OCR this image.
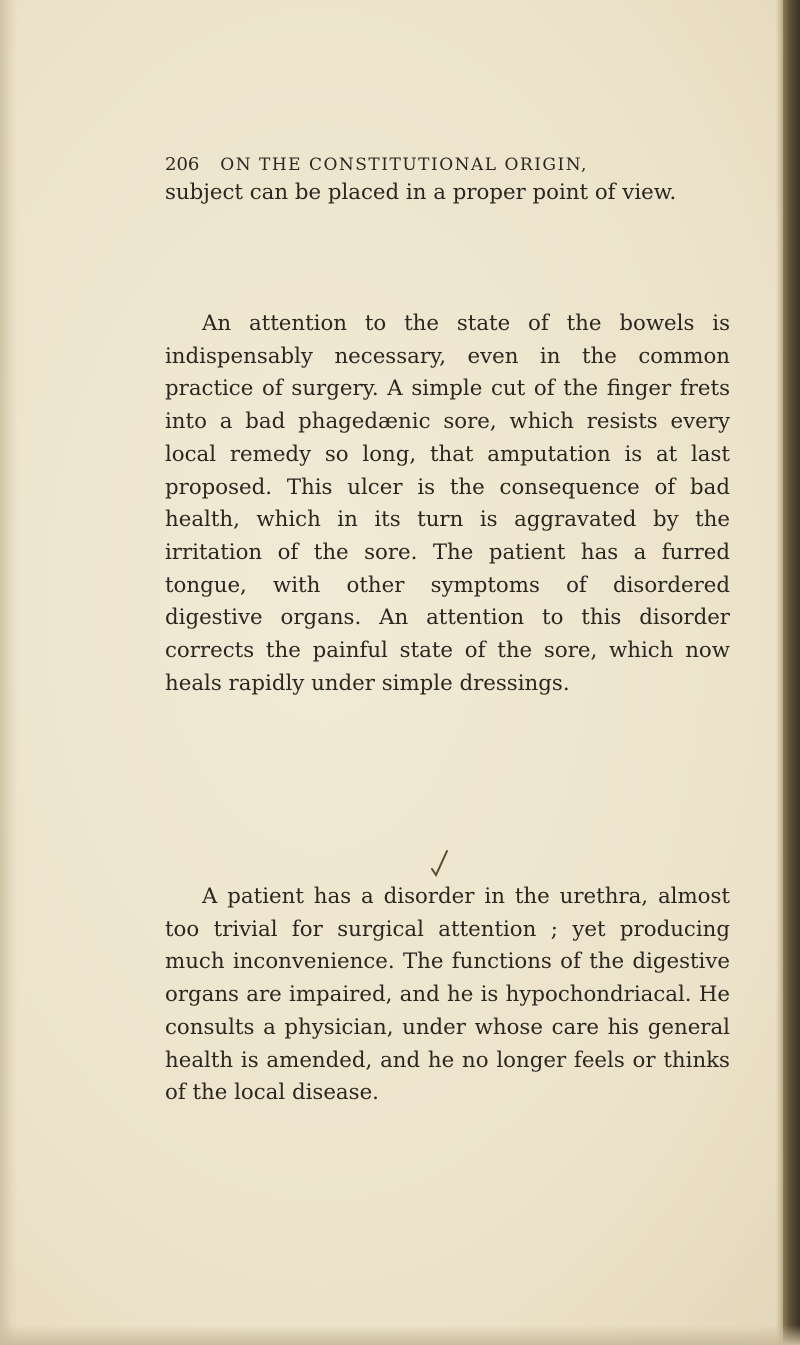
206 ON THE CONSTITUTIONAL ORIGIN,

subject can be placed in a proper point of view.

An attention to the state of the bowels is indispensably necessary, even in the common practice of surgery. A simple cut of the finger frets into a bad phagedænic sore, which resists every local remedy so long, that amputation is at last proposed. This ulcer is the consequence of bad health, which in its turn is aggravated by the irritation of the sore. The patient has a furred tongue, with other symptoms of disordered digestive organs. An attention to this disorder corrects the painful state of the sore, which now heals rapidly under simple dressings.

A patient has a disorder in the urethra, almost too trivial for surgical attention ; yet producing much inconvenience. The functions of the digestive organs are impaired, and he is hypochondriacal. He consults a physician, under whose care his general health is amended, and he no longer feels or thinks of the local disease.
